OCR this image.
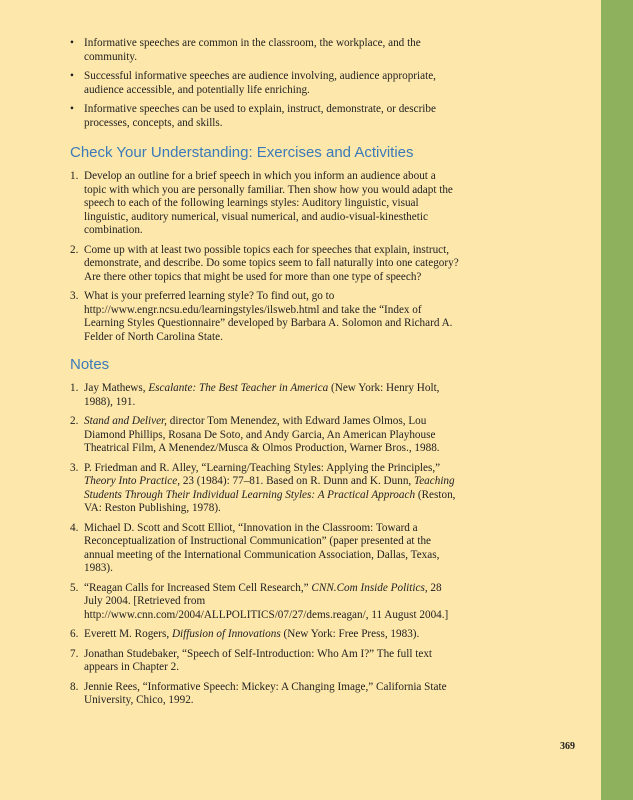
• Informative speeches are common in the classroom, the workplace, and the community.
• Successful informative speeches are audience involving, audience appropriate, audience accessible, and potentially life enriching.
• Informative speeches can be used to explain, instruct, demonstrate, or describe processes, concepts, and skills.
Check Your Understanding: Exercises and Activities
1. Develop an outline for a brief speech in which you inform an audience about a topic with which you are personally familiar. Then show how you would adapt the speech to each of the following learnings styles: Auditory linguistic, visual linguistic, auditory numerical, visual numerical, and audio-visual-kinesthetic combination.
2. Come up with at least two possible topics each for speeches that explain, instruct, demonstrate, and describe. Do some topics seem to fall naturally into one category? Are there other topics that might be used for more than one type of speech?
3. What is your preferred learning style? To find out, go to http://www.engr.ncsu.edu/learningstyles/ilsweb.html and take the “Index of Learning Styles Questionnaire” developed by Barbara A. Solomon and Richard A. Felder of North Carolina State.
Notes
1. Jay Mathews, Escalante: The Best Teacher in America (New York: Henry Holt, 1988), 191.
2. Stand and Deliver, director Tom Menendez, with Edward James Olmos, Lou Diamond Phillips, Rosana De Soto, and Andy Garcia, An American Playhouse Theatrical Film, A Menendez/Musca & Olmos Production, Warner Bros., 1988.
3. P. Friedman and R. Alley, “Learning/Teaching Styles: Applying the Principles,” Theory Into Practice, 23 (1984): 77–81. Based on R. Dunn and K. Dunn, Teaching Students Through Their Individual Learning Styles: A Practical Approach (Reston, VA: Reston Publishing, 1978).
4. Michael D. Scott and Scott Elliot, “Innovation in the Classroom: Toward a Reconceptualization of Instructional Communication” (paper presented at the annual meeting of the International Communication Association, Dallas, Texas, 1983).
5. “Reagan Calls for Increased Stem Cell Research,” CNN.Com Inside Politics, 28 July 2004. [Retrieved from http://www.cnn.com/2004/ALLPOLITICS/07/27/dems.reagan/, 11 August 2004.]
6. Everett M. Rogers, Diffusion of Innovations (New York: Free Press, 1983).
7. Jonathan Studebaker, “Speech of Self-Introduction: Who Am I?” The full text appears in Chapter 2.
8. Jennie Rees, “Informative Speech: Mickey: A Changing Image,” California State University, Chico, 1992.
369
